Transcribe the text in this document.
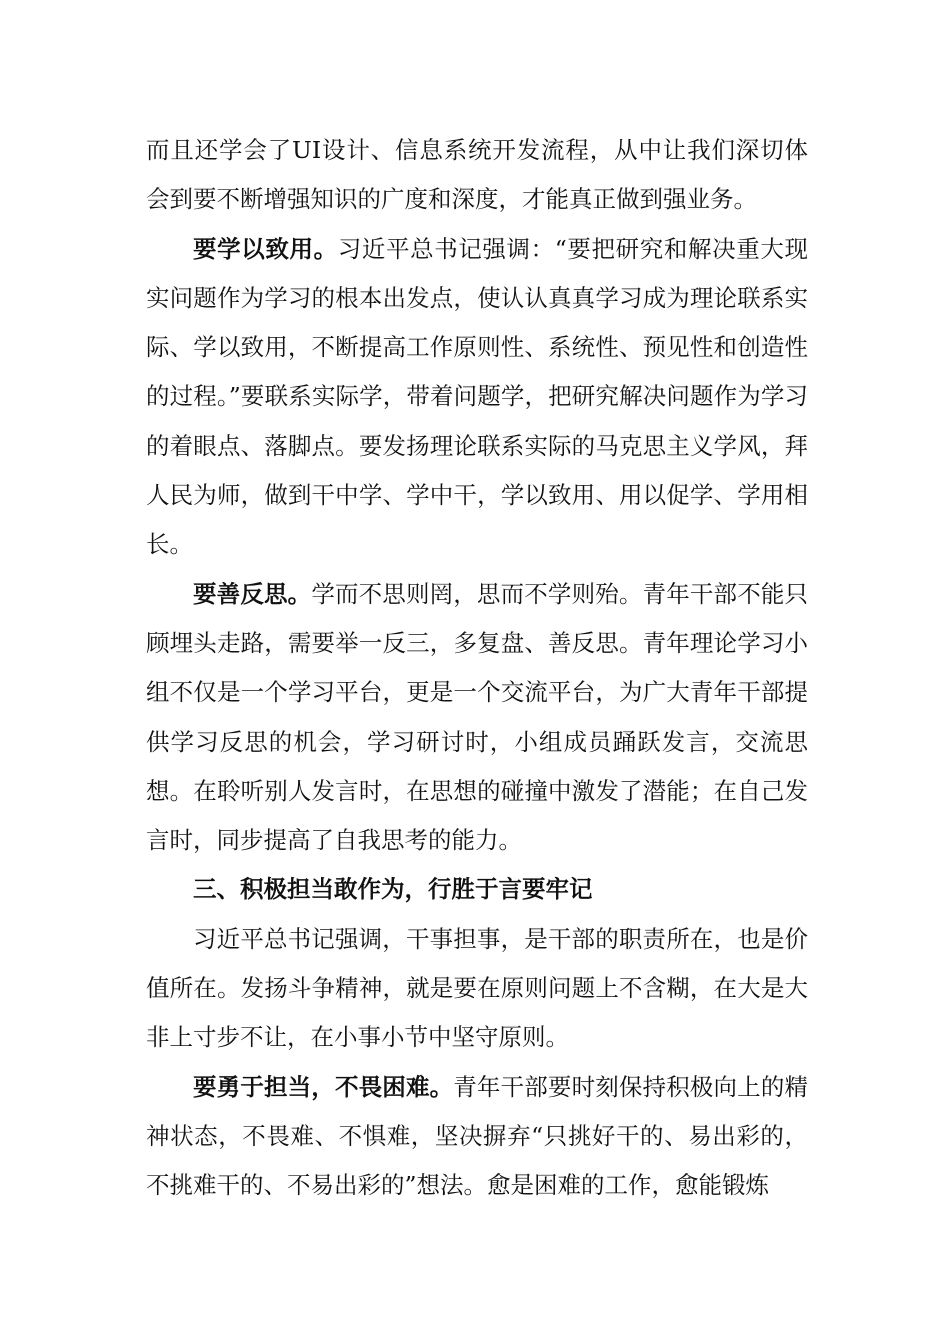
而且还学会了UI设计、信息系统开发流程，从中让我们深切体会到要不断增强知识的广度和深度，才能真正做到强业务。

要学以致用。习近平总书记强调：“要把研究和解决重大现实问题作为学习的根本出发点，使认认真真学习成为理论联系实际、学以致用，不断提高工作原则性、系统性、预见性和创造性的过程。”要联系实际学，带着问题学，把研究解决问题作为学习的着眼点、落脚点。要发扬理论联系实际的马克思主义学风，拜人民为师，做到干中学、学中干，学以致用、用以促学、学用相长。

要善反思。学而不思则罔，思而不学则殆。青年干部不能只顾埋头走路，需要举一反三，多复盘、善反思。青年理论学习小组不仅是一个学习平台，更是一个交流平台，为广大青年干部提供学习反思的机会，学习研讨时，小组成员踊跃发言，交流思想。在聆听别人发言时，在思想的碰撞中激发了潜能；在自己发言时，同步提高了自我思考的能力。

三、积极担当敢作为，行胜于言要牢记

习近平总书记强调，干事担事，是干部的职责所在，也是价值所在。发扬斗争精神，就是要在原则问题上不含糊，在大是大非上寸步不让，在小事小节中坚守原则。

要勇于担当，不畏困难。青年干部要时刻保持积极向上的精神状态，不畏难、不惧难，坚决摒弃“只挑好干的、易出彩的，不挑难干的、不易出彩的”想法。愈是困难的工作，愈能锻炼
